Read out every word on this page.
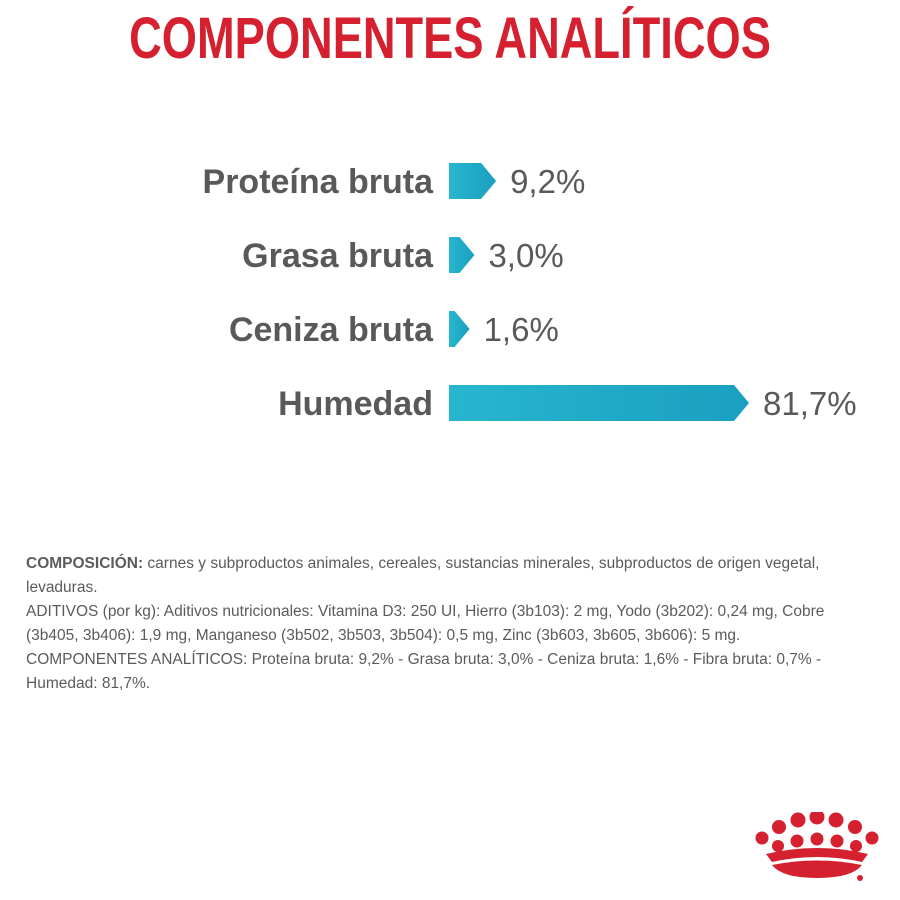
COMPONENTES ANALÍTICOS
Proteína bruta 9,2%
Grasa bruta 3,0%
Ceniza bruta 1,6%
Humedad	81,7%

COMPOSICIÓN: carnes y subproductos animales, cereales, sustancias minerales, subproductos de origen vegetal, levaduras.

ADITIVOS (por kg): Aditivos nutricionales: Vitamina D3: 250 UI, Hierro (3b103): 2 mg, Yodo (3b202): 0,24 mg, Cobre (3b405, 3b406): 1,9 mg, Manganeso (3b502, 3b503, 3b504): 0,5 mg, Zinc (3b603, 3b605, 3b606): 5 mg.

COMPONENTES ANALÍTICOS: Proteína bruta: 9,2% - Grasa bruta: 3,0% - Ceniza bruta: 1,6% - Fibra bruta: 0,7% - Humedad: 81,7%.
